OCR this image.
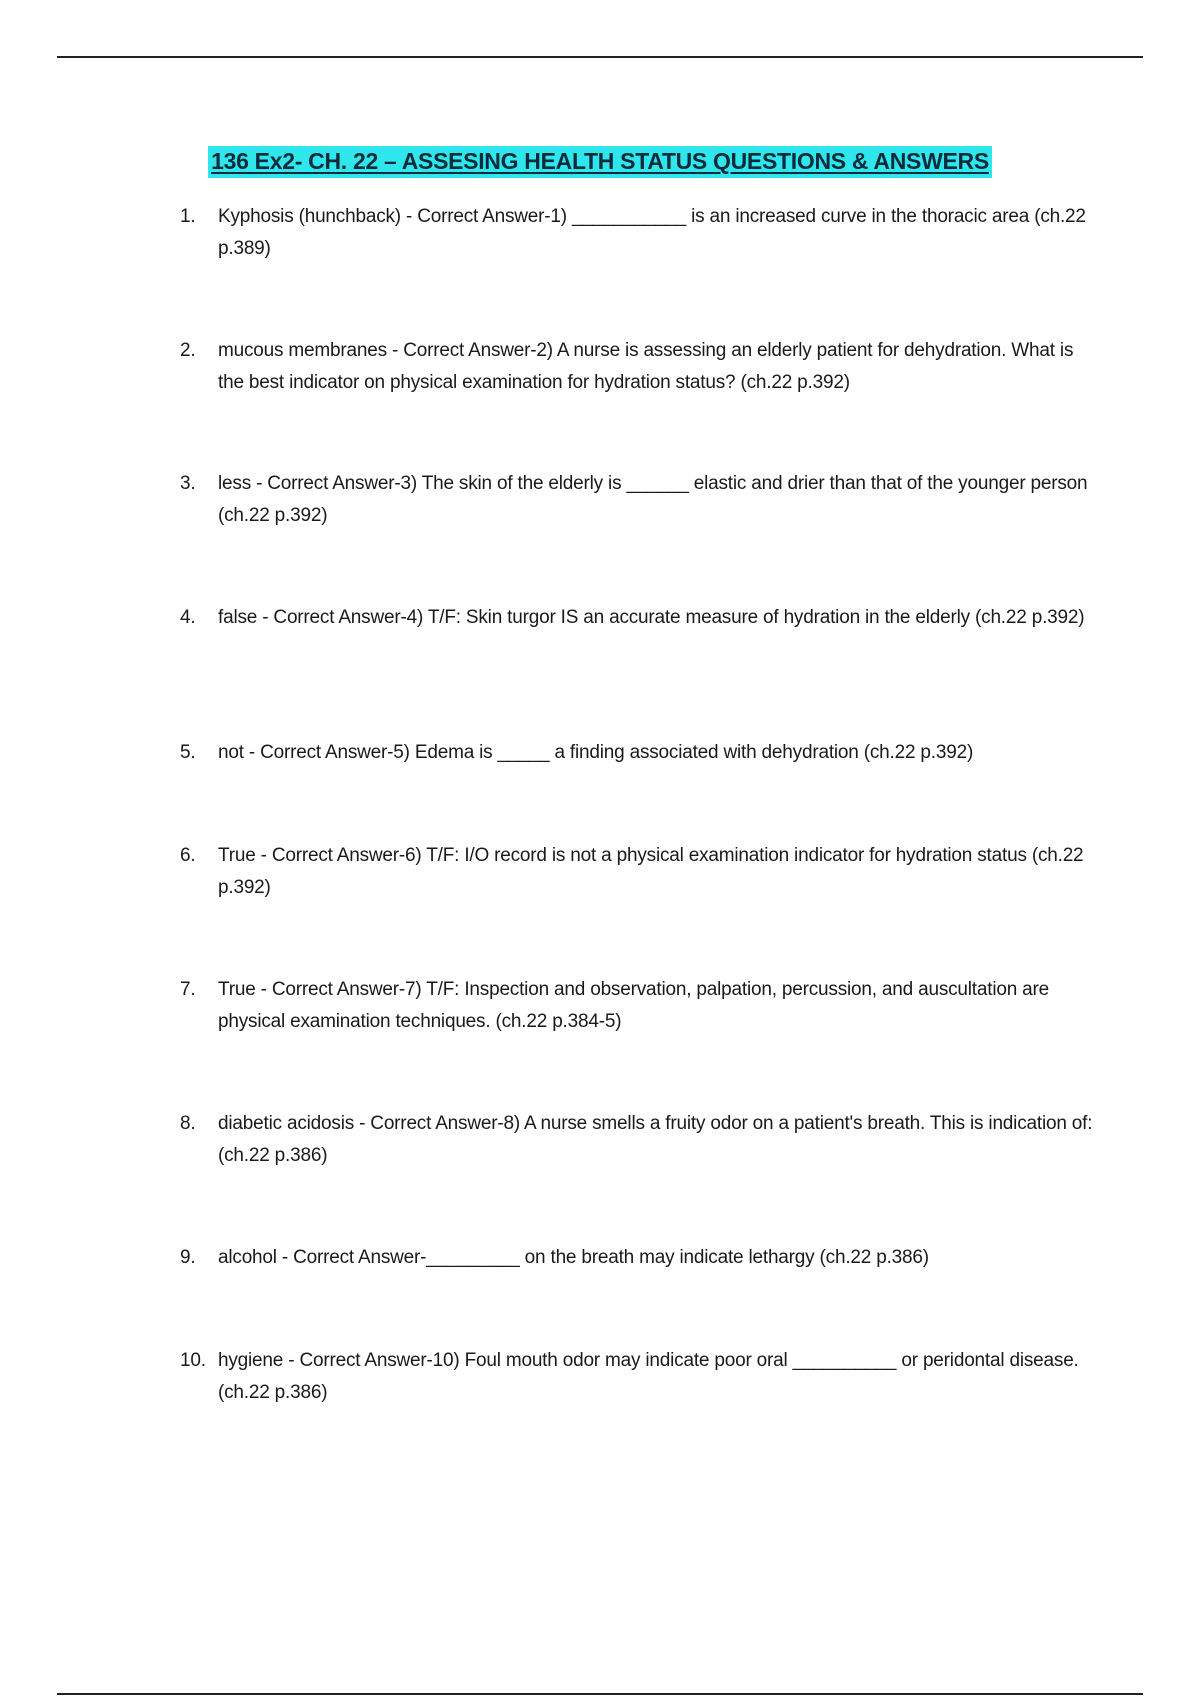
136 Ex2- CH. 22 – ASSESING HEALTH STATUS QUESTIONS & ANSWERS
1.	Kyphosis (hunchback) - Correct Answer-1) ___________ is an increased curve in the thoracic area (ch.22 p.389)
2.	mucous membranes - Correct Answer-2) A nurse is assessing an elderly patient for dehydration. What is the best indicator on physical examination for hydration status? (ch.22 p.392)
3.	less - Correct Answer-3) The skin of the elderly is ______ elastic and drier than that of the younger person (ch.22 p.392)
4.	false - Correct Answer-4) T/F: Skin turgor IS an accurate measure of hydration in the elderly (ch.22 p.392)
5.	not - Correct Answer-5) Edema is _____ a finding associated with dehydration (ch.22 p.392)
6.	True - Correct Answer-6) T/F: I/O record is not a physical examination indicator for hydration status (ch.22 p.392)
7.	True - Correct Answer-7) T/F: Inspection and observation, palpation, percussion, and auscultation are physical examination techniques. (ch.22 p.384-5)
8.	diabetic acidosis - Correct Answer-8) A nurse smells a fruity odor on a patient's breath. This is indication of: (ch.22 p.386)
9.	alcohol - Correct Answer-_________ on the breath may indicate lethargy (ch.22 p.386)
10. hygiene - Correct Answer-10) Foul mouth odor may indicate poor oral __________ or peridontal disease. (ch.22 p.386)
